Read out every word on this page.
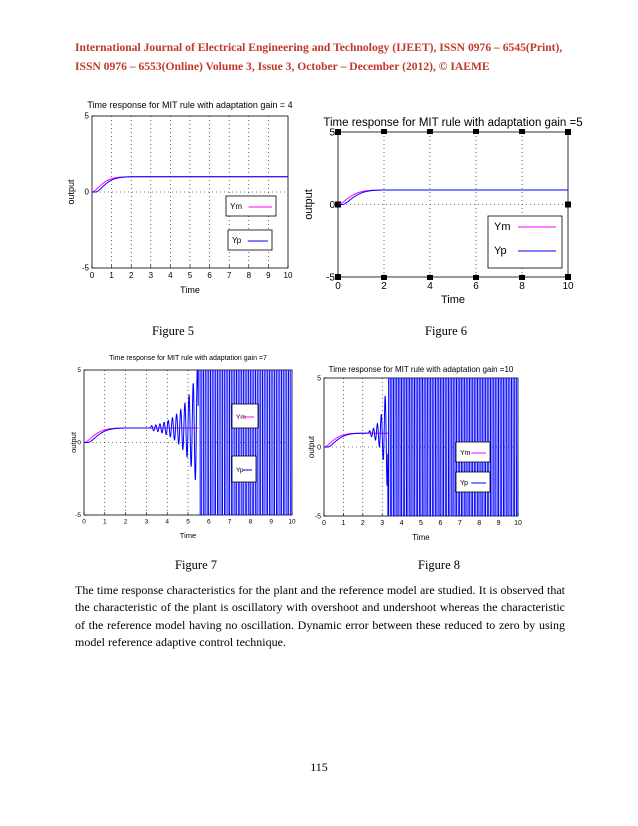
International Journal of Electrical Engineering and Technology (IJEET), ISSN 0976 – 6545(Print),
ISSN 0976 – 6553(Online) Volume 3, Issue 3, October – December (2012), © IAEME
0 1 2 3 4 5 6 7 8 9 10
5
0
-5
Time response for MIT rule with adaptation gain = 4
Time
output
Ym
Yp
0	2	4	6	8	10
5
0
-5
Time response for MIT rule with adaptation gain =5
Time
output
Ym
Yp
Figure 5	Figure 6
0	1	2	3	4	5	6	7	8	9 10
5
0
-5
Time response for MIT rule with adaptation gain =7
Time
output
Ym
Yp
0 1 2 3 4 5 6 7 8 9 10
5
0
-5
Time response for MIT rule with adaptation gain =10
Time
output	Ym
Yp
Figure 7	Figure 8
The time response characteristics for the plant and the reference model are studied. It is observed that the characteristic of the plant is oscillatory with overshoot and undershoot whereas the characteristic of the reference model having no oscillation. Dynamic error between these reduced to zero by using model reference adaptive control technique.
115
